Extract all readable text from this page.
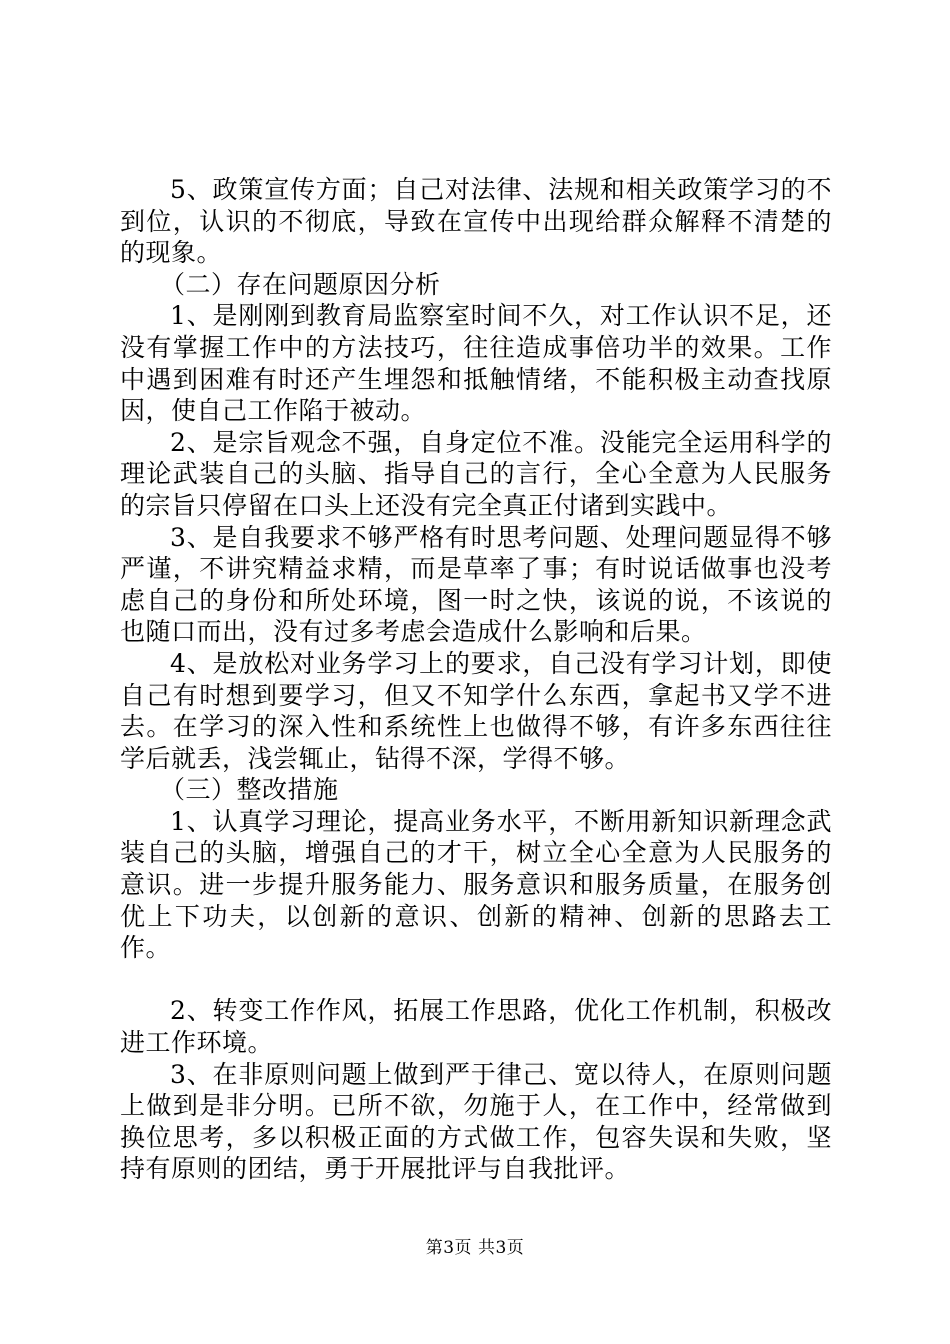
5、政策宣传方面；自己对法律、法规和相关政策学习的不到位，认识的不彻底，导致在宣传中出现给群众解释不清楚的的现象。

（二）存在问题原因分析

1、是刚刚到教育局监察室时间不久，对工作认识不足，还没有掌握工作中的方法技巧，往往造成事倍功半的效果。工作中遇到困难有时还产生埋怨和抵触情绪，不能积极主动查找原因，使自己工作陷于被动。

2、是宗旨观念不强，自身定位不准。没能完全运用科学的理论武装自己的头脑、指导自己的言行，全心全意为人民服务的宗旨只停留在口头上还没有完全真正付诸到实践中。

3、是自我要求不够严格有时思考问题、处理问题显得不够严谨，不讲究精益求精，而是草率了事；有时说话做事也没考虑自己的身份和所处环境，图一时之快，该说的说，不该说的也随口而出，没有过多考虑会造成什么影响和后果。

4、是放松对业务学习上的要求，自己没有学习计划，即使自己有时想到要学习，但又不知学什么东西，拿起书又学不进去。在学习的深入性和系统性上也做得不够，有许多东西往往学后就丢，浅尝辄止，钻得不深，学得不够。

（三）整改措施

1、认真学习理论，提高业务水平，不断用新知识新理念武装自己的头脑，增强自己的才干，树立全心全意为人民服务的意识。进一步提升服务能力、服务意识和服务质量，在服务创优上下功夫，以创新的意识、创新的精神、创新的思路去工作。

2、转变工作作风，拓展工作思路，优化工作机制，积极改进工作环境。

3、在非原则问题上做到严于律己、宽以待人，在原则问题上做到是非分明。已所不欲，勿施于人，在工作中，经常做到换位思考，多以积极正面的方式做工作，包容失误和失败，坚持有原则的团结，勇于开展批评与自我批评。

第3页 共3页
